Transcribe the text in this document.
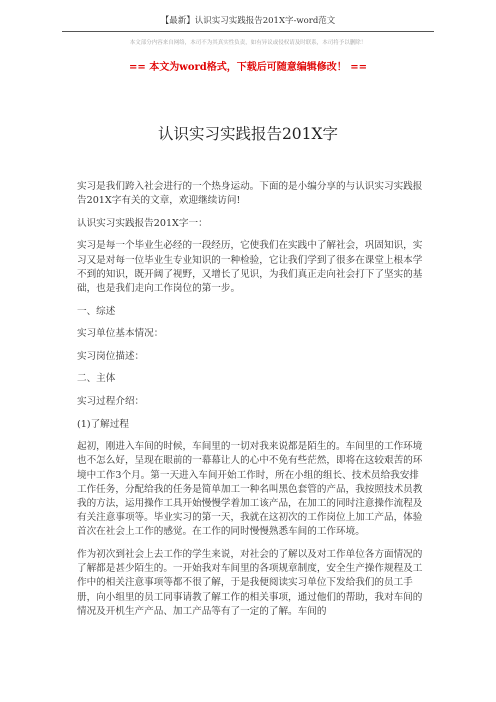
【最新】认识实习实践报告201X字-word范文
本文部分内容来自网络，本司不为其真实性负责，如有异议或侵权请及时联系，本司将予以删除！
== 本文为word格式，下载后可随意编辑修改！ ==
认识实习实践报告201X字

实习是我们跨入社会进行的一个热身运动。下面的是小编分享的与认识实习实践报告201X字有关的文章，欢迎继续访问!

认识实习实践报告201X字一：

实习是每一个毕业生必经的一段经历，它使我们在实践中了解社会，巩固知识，实习又是对每一位毕业生专业知识的一种检验，它让我们学到了很多在课堂上根本学不到的知识，既开阔了视野，又增长了见识，为我们真正走向社会打下了坚实的基础，也是我们走向工作岗位的第一步。

一、综述

实习单位基本情况：

实习岗位描述：

二、主体

实习过程介绍：

(1)了解过程

起初，刚进入车间的时候，车间里的一切对我来说都是陌生的。车间里的工作环境也不怎么好，呈现在眼前的一幕幕让人的心中不免有些茫然，即将在这较艰苦的环境中工作3个月。第一天进入车间开始工作时，所在小组的组长、技术员给我安排工作任务，分配给我的任务是简单加工一种名叫黑色套管的产品，我按照技术员教我的方法，运用操作工具开始慢慢学着加工该产品，在加工的同时注意操作流程及有关注意事项等。毕业实习的第一天，我就在这初次的工作岗位上加工产品，体验首次在社会上工作的感觉。在工作的同时慢慢熟悉车间的工作环境。

作为初次到社会上去工作的学生来说，对社会的了解以及对工作单位各方面情况的了解都是甚少陌生的。一开始我对车间里的各项规章制度，安全生产操作规程及工作中的相关注意事项等都不很了解，于是我便阅读实习单位下发给我们的员工手册，向小组里的员工同事请教了解工作的相关事项，通过他们的帮助，我对车间的情况及开机生产产品、加工产品等有了一定的了解。车间的
